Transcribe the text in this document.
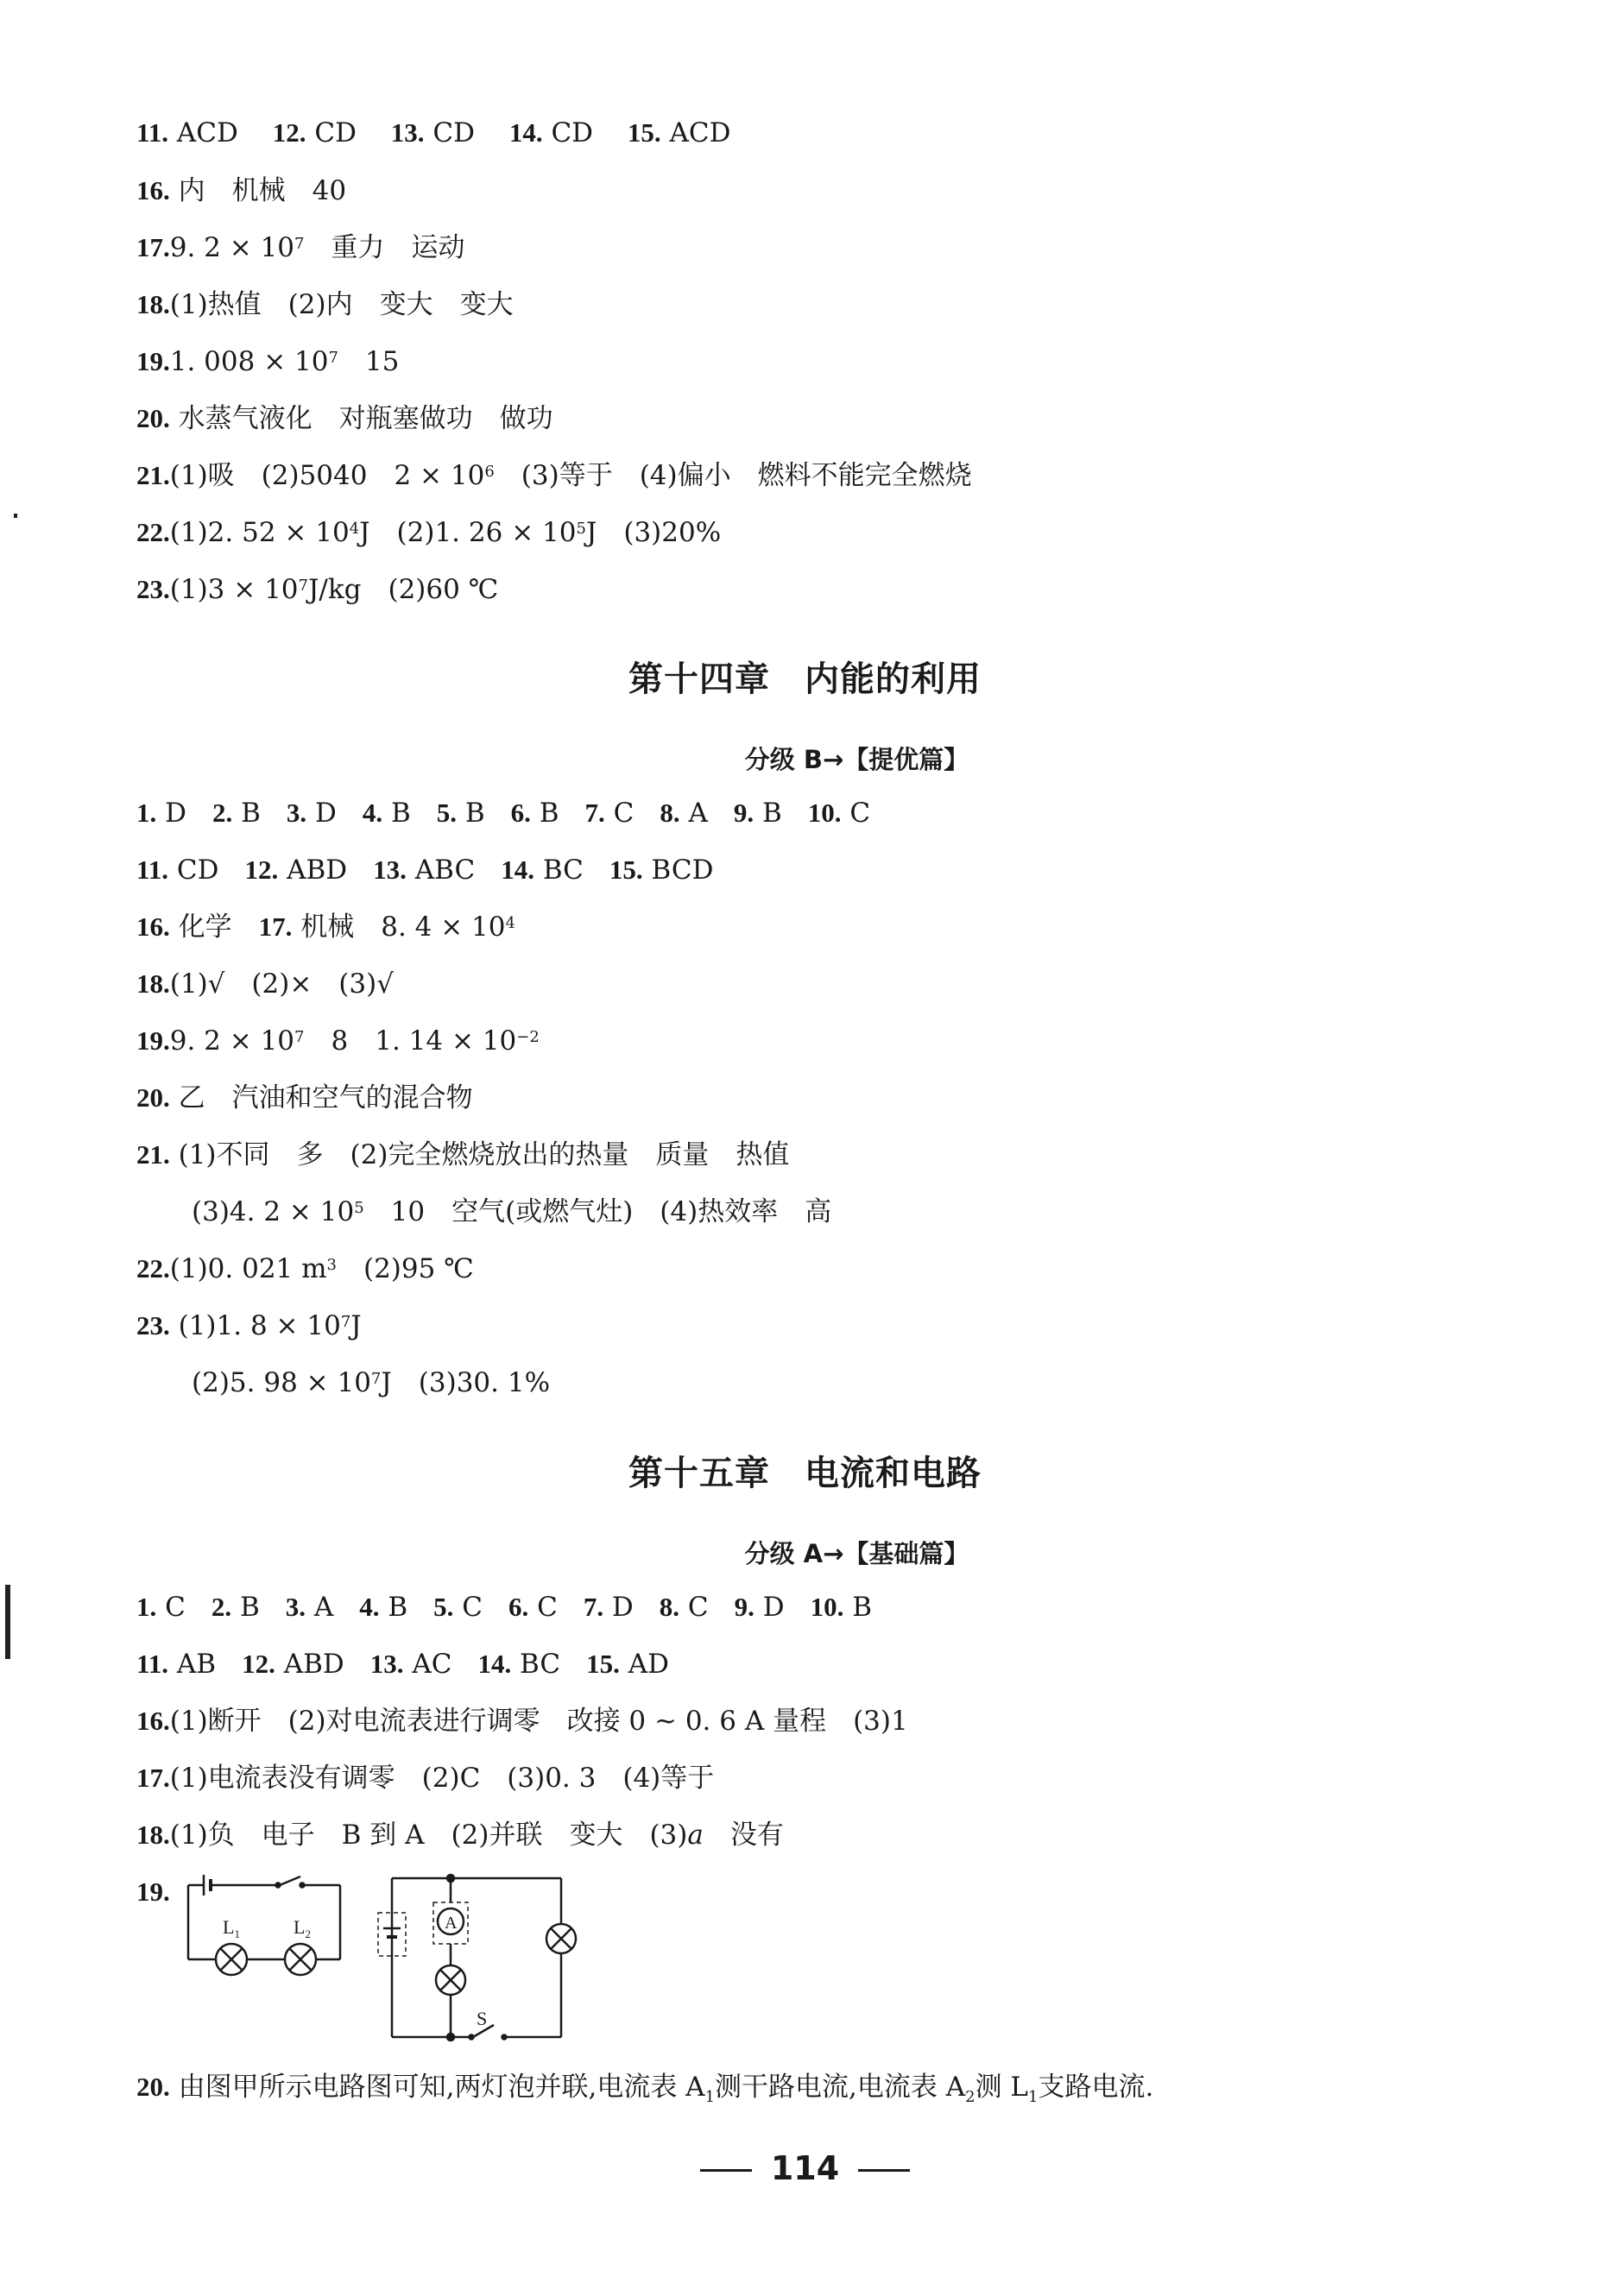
11. ACD 12. CD 13. CD 14. CD 15. ACD
16. 内　机械　40
17.9. $2 \times 10^7$　重力　运动
18.(1)热值　(2)内　变大　变大
19.1. $008 \times 10^7$　15
20. 水蒸气液化　对瓶塞做功　做功
21.(1)吸　(2)5040　$2 \times 10^6$　(3)等于　(4)偏小　燃料不能完全燃烧
22.(1)2. $52 \times 10^4J$　(2)1. $26 \times 10^5J$　(3)20%
$23.(1)3 \times 10^7J/kg$　(2)60 ℃
第十四章 内能的利用
分级 B→【提优篇】
1. D 2. B 3. D 4. B 5. B 6. B 7. C 8. A 9. B 10. C
11. CD 12. ABD 13. ABC 14. BC 15. BCD
16. 化学　 17. 机械　8. $4 \times 10^4$
18.(1)√　(2)×　(3)√
19.9. $2 \times 10^7$　8　1. $14 \times 10^{-2}$
20. 乙　汽油和空气的混合物
21. (1)不同　多　(2)完全燃烧放出的热量　质量　热值
(3)4. $2 \times 10^5$　10　空气(或燃气灶)　(4)热效率　高
22.(1)0. 021 $m^3$　(2)95 ℃
23. (1)1. $8 \times 10^7J$
(2)5. $98 \times 10^7J$　(3)30. 1%
第十五章 电流和电路
分级 A→【基础篇】
1. C 2. B 3. A 4. B 5. C 6. C 7. D 8. C 9. D 10. B
11. AB 12. ABD 13. AC 14. BC 15. AD
16.(1)断开　(2)对电流表进行调零　改接 0 ~ 0. 6 A 量程　(3)1
17.(1)电流表没有调零　(2)C　(3)0. 3　(4)等于
18.(1)负　电子　B 到 A　(2)并联　变大　(3)a　没有
19.
$L_1$	$L_2$
S
A
20. 由图甲所示电路图可知,两灯泡并联,电流表 $A_1$测干路电流,电流表 $A_2$测 $L_1$支路电流.
114
